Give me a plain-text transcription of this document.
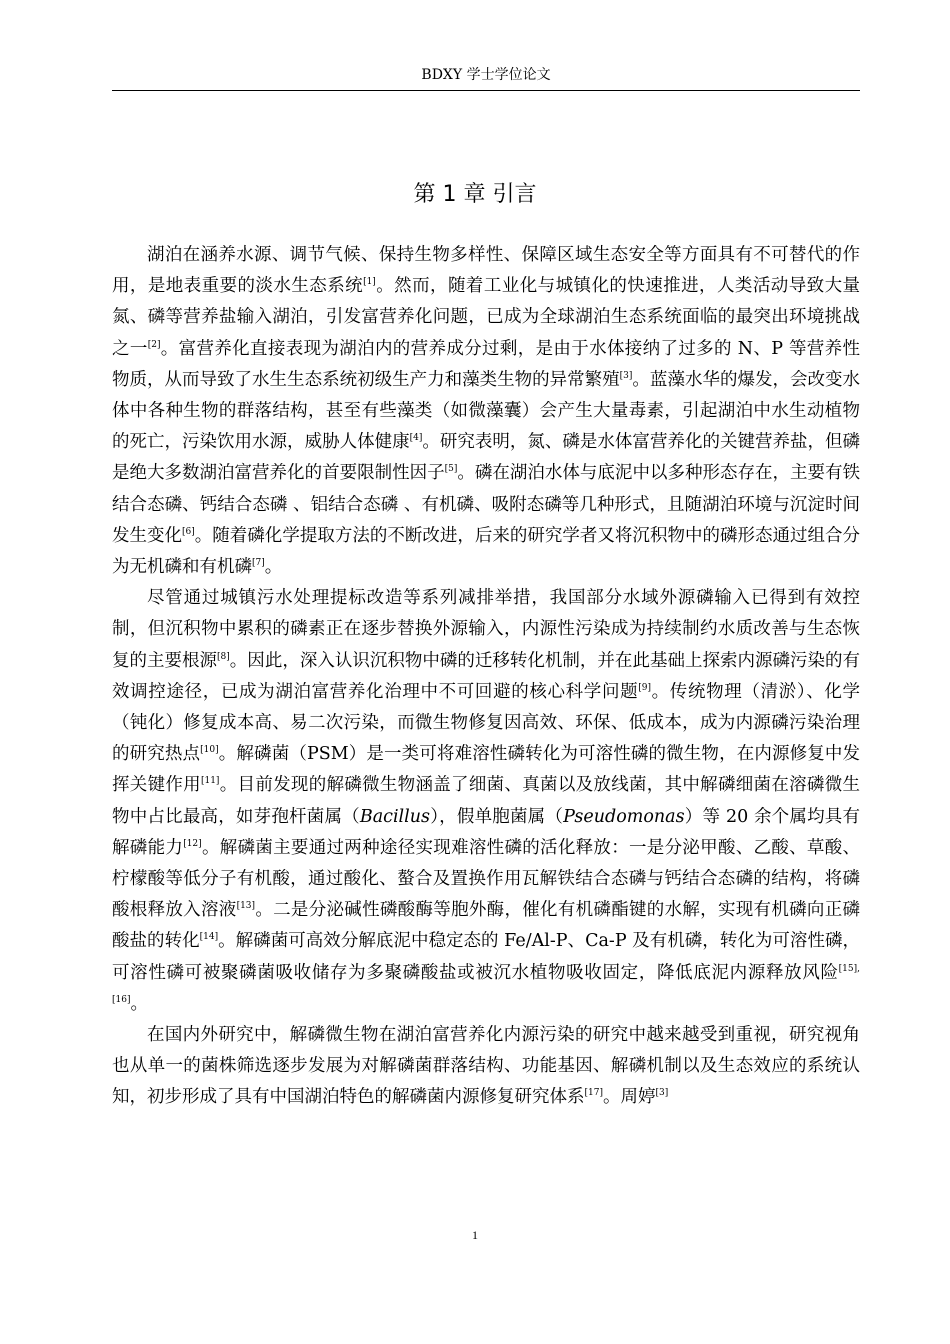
BDXY 学士学位论文
第 1 章 引言

湖泊在涵养水源、调节气候、保持生物多样性、保障区域生态安全等方面具有不可替代的作用，是地表重要的淡水生态系统[1]。然而，随着工业化与城镇化的快速推进，人类活动导致大量氮、磷等营养盐输入湖泊，引发富营养化问题，已成为全球湖泊生态系统面临的最突出环境挑战之一[2]。富营养化直接表现为湖泊内的营养成分过剩，是由于水体接纳了过多的 N、P 等营养性物质，从而导致了水生生态系统初级生产力和藻类生物的异常繁殖[3]。蓝藻水华的爆发，会改变水体中各种生物的群落结构，甚至有些藻类（如微藻囊）会产生大量毒素，引起湖泊中水生动植物的死亡，污染饮用水源，威胁人体健康[4]。研究表明，氮、磷是水体富营养化的关键营养盐，但磷是绝大多数湖泊富营养化的首要限制性因子[5]。磷在湖泊水体与底泥中以多种形态存在，主要有铁结合态磷、钙结合态磷 、铝结合态磷 、有机磷、吸附态磷等几种形式，且随湖泊环境与沉淀时间发生变化[6]。随着磷化学提取方法的不断改进，后来的研究学者又将沉积物中的磷形态通过组合分为无机磷和有机磷[7]。

尽管通过城镇污水处理提标改造等系列减排举措，我国部分水域外源磷输入已得到有效控制，但沉积物中累积的磷素正在逐步替换外源输入，内源性污染成为持续制约水质改善与生态恢复的主要根源[8]。因此，深入认识沉积物中磷的迁移转化机制，并在此基础上探索内源磷污染的有效调控途径，已成为湖泊富营养化治理中不可回避的核心科学问题[9]。传统物理（清淤）、化学（钝化）修复成本高、易二次污染，而微生物修复因高效、环保、低成本，成为内源磷污染治理的研究热点[10]。解磷菌（PSM）是一类可将难溶性磷转化为可溶性磷的微生物，在内源修复中发挥关键作用[11]。目前发现的解磷微生物涵盖了细菌、真菌以及放线菌，其中解磷细菌在溶磷微生物中占比最高，如芽孢杆菌属（Bacillus），假单胞菌属（Pseudomonas）等 20 余个属均具有解磷能力[12]。解磷菌主要通过两种途径实现难溶性磷的活化释放：一是分泌甲酸、乙酸、草酸、柠檬酸等低分子有机酸，通过酸化、螯合及置换作用瓦解铁结合态磷与钙结合态磷的结构，将磷酸根释放入溶液[13]。二是分泌碱性磷酸酶等胞外酶，催化有机磷酯键的水解，实现有机磷向正磷酸盐的转化[14]。解磷菌可高效分解底泥中稳定态的 Fe/Al-P、Ca-P 及有机磷，转化为可溶性磷，可溶性磷可被聚磷菌吸收储存为多聚磷酸盐或被沉水植物吸收固定，降低底泥内源释放风险[15],[16]。

在国内外研究中，解磷微生物在湖泊富营养化内源污染的研究中越来越受到重视，研究视角也从单一的菌株筛选逐步发展为对解磷菌群落结构、功能基因、解磷机制以及生态效应的系统认知，初步形成了具有中国湖泊特色的解磷菌内源修复研究体系[17]。周婷[3]

1
